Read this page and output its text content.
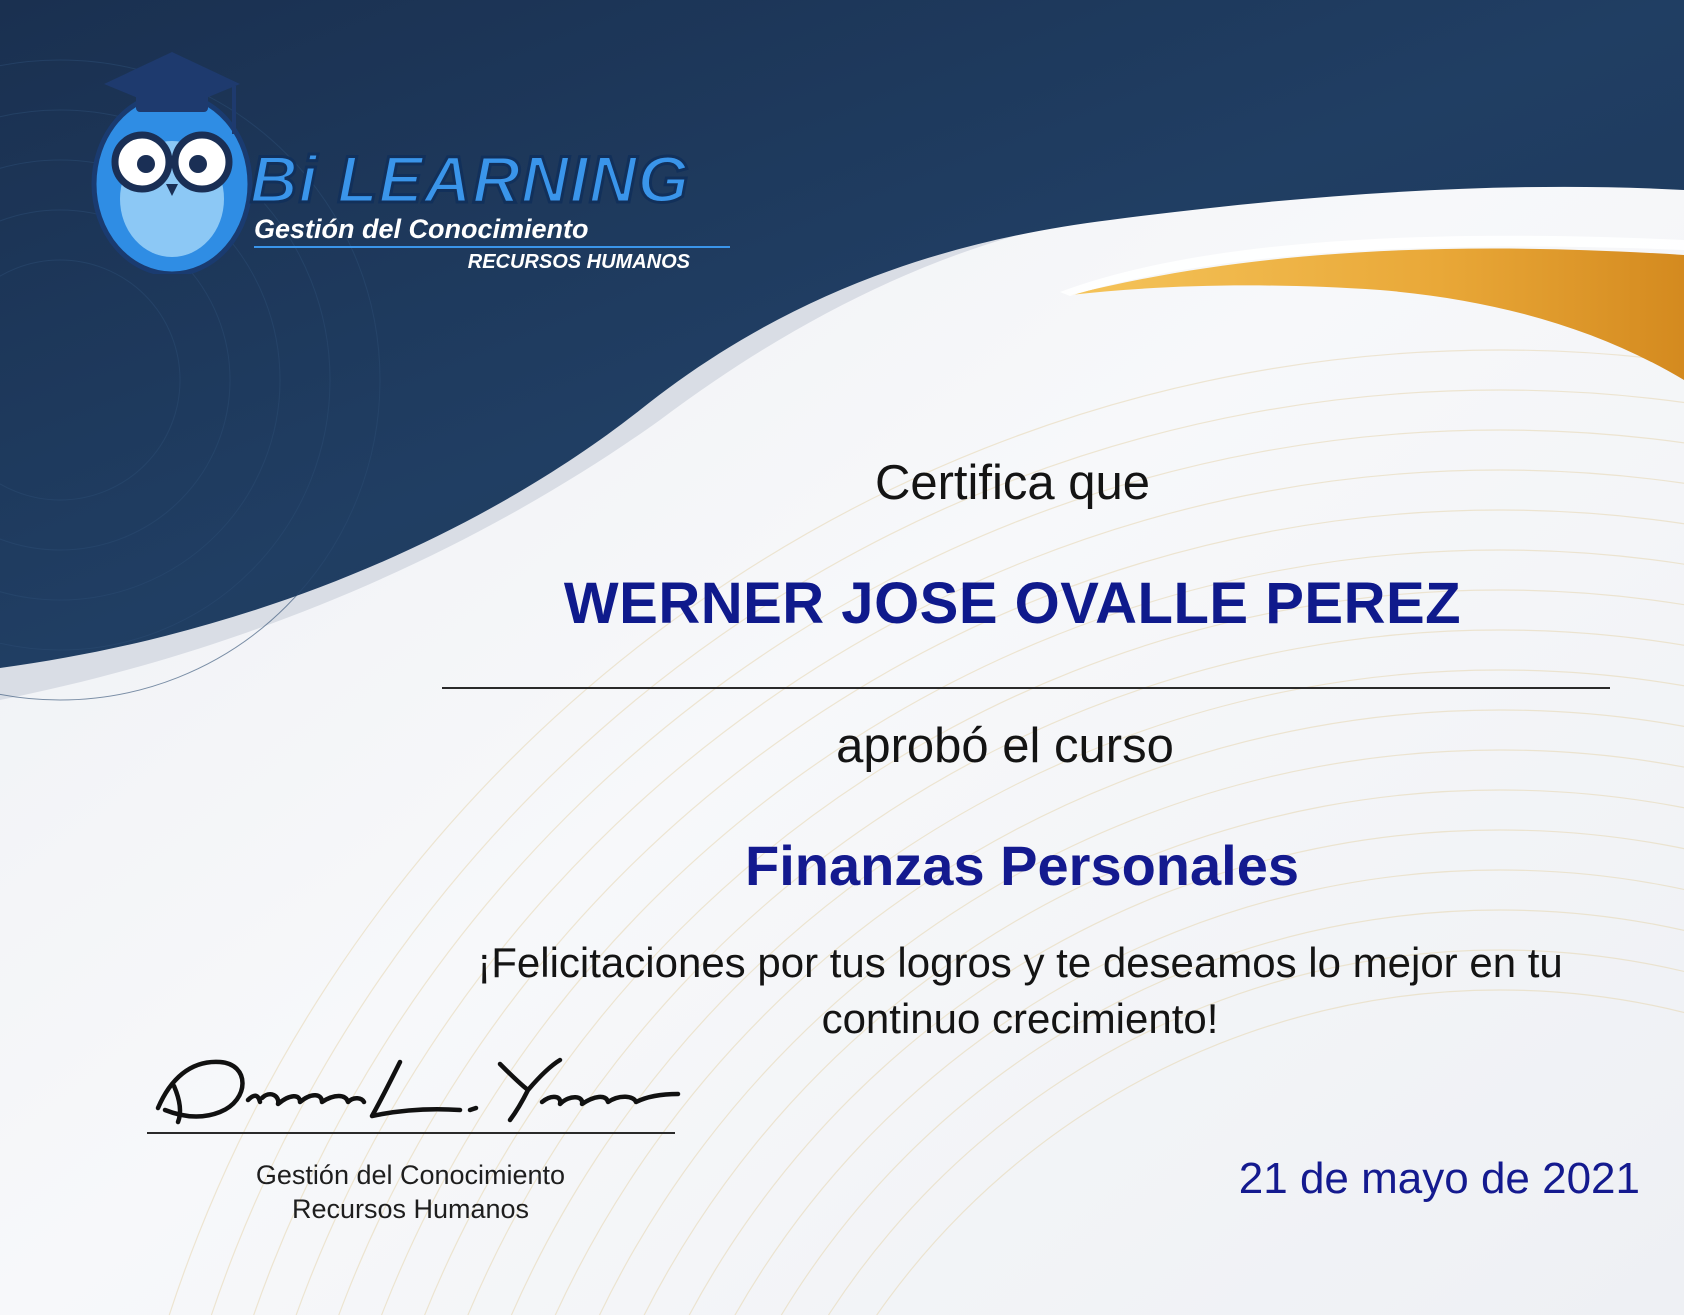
Bi LEARNING
Gestión del Conocimiento
RECURSOS HUMANOS

Certifica que

WERNER JOSE OVALLE PEREZ

aprobó el curso

Finanzas Personales

¡Felicitaciones por tus logros y te deseamos lo mejor en tu continuo crecimiento!

Gestión del Conocimiento

Recursos Humanos

21 de mayo de 2021
